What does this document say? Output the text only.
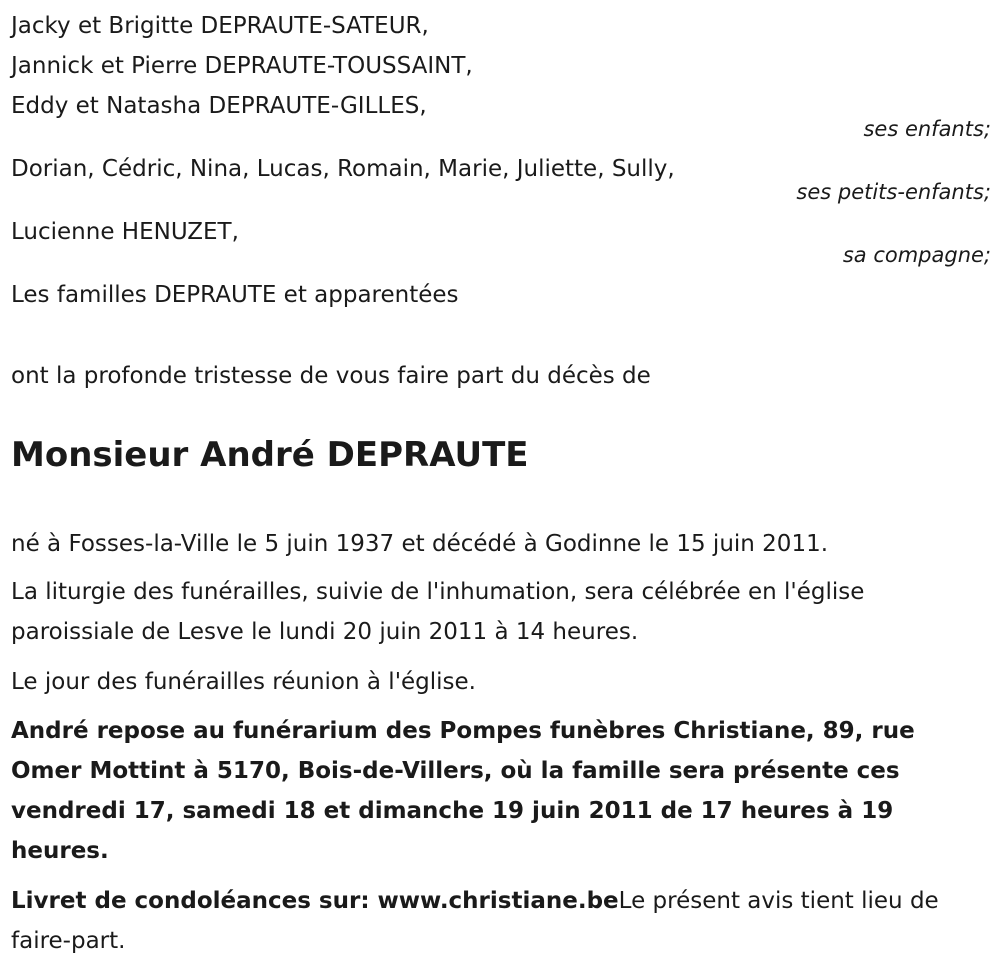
Jacky et Brigitte DEPRAUTE-SATEUR,
Jannick et Pierre DEPRAUTE-TOUSSAINT,
Eddy et Natasha DEPRAUTE-GILLES,
ses enfants;
Dorian, Cédric, Nina, Lucas, Romain, Marie, Juliette, Sully,
ses petits-enfants;
Lucienne HENUZET,
sa compagne;
Les familles DEPRAUTE et apparentées
ont la profonde tristesse de vous faire part du décès de
Monsieur André DEPRAUTE
né à Fosses-la-Ville le 5 juin 1937 et décédé à Godinne le 15 juin 2011.
La liturgie des funérailles, suivie de l'inhumation, sera célébrée en l'église paroissiale de Lesve le lundi 20 juin 2011 à 14 heures.
Le jour des funérailles réunion à l'église.
André repose au funérarium des Pompes funèbres Christiane, 89, rue Omer Mottint à 5170, Bois-de-Villers, où la famille sera présente ces vendredi 17, samedi 18 et dimanche 19 juin 2011 de 17 heures à 19 heures.
Livret de condoléances sur: www.christiane.beLe présent avis tient lieu de faire-part.
